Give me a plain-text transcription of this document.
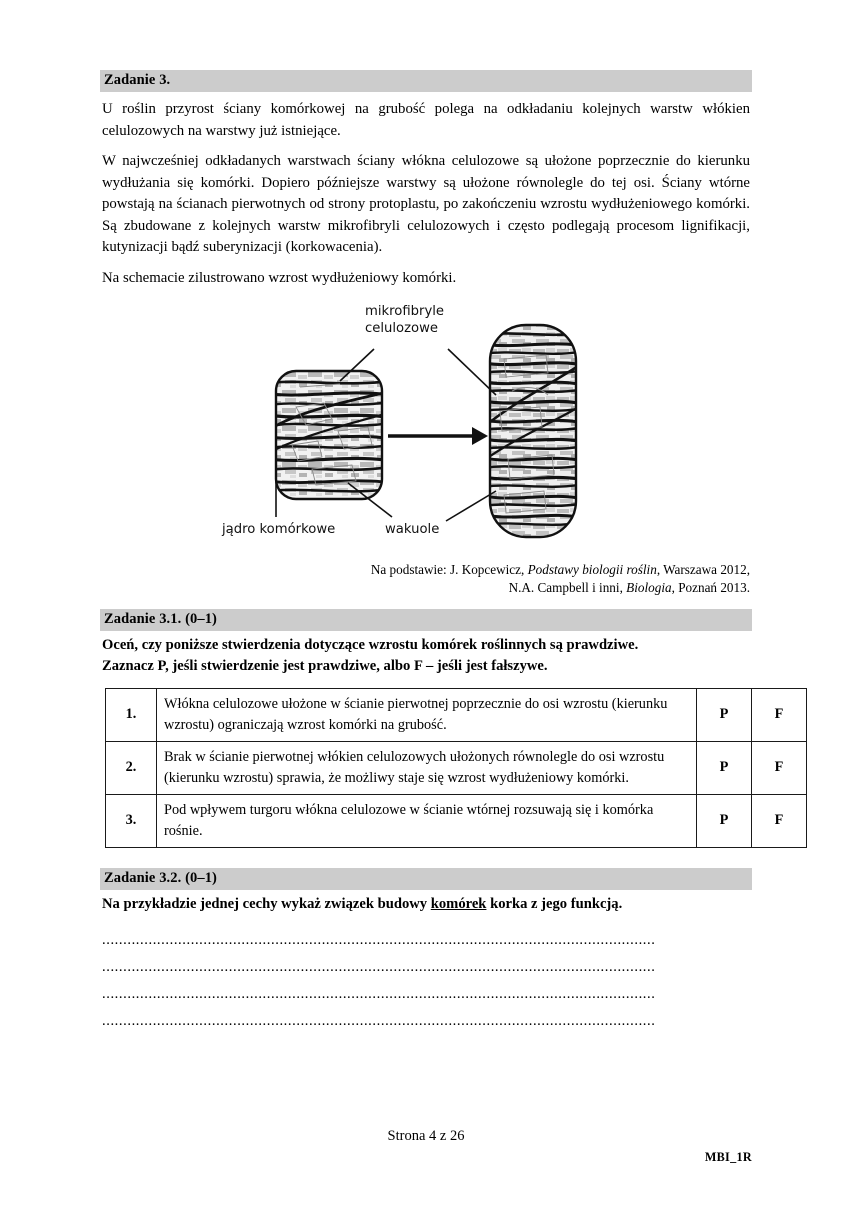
Zadanie 3.

U roślin przyrost ściany komórkowej na grubość polega na odkładaniu kolejnych warstw włókien celulozowych na warstwy już istniejące.

W najwcześniej odkładanych warstwach ściany włókna celulozowe są ułożone poprzecznie do kierunku wydłużania się komórki. Dopiero późniejsze warstwy są ułożone równolegle do tej osi. Ściany wtórne powstają na ścianach pierwotnych od strony protoplastu, po zakończeniu wzrostu wydłużeniowego komórki. Są zbudowane z kolejnych warstw mikrofibryli celulozowych i często podlegają procesom lignifikacji, kutynizacji bądź suberynizacji (korkowacenia).

Na schemacie zilustrowano wzrost wydłużeniowy komórki.

mikrofibryle
celulozowe
jądro komórkowe	wakuole
Na podstawie: J. Kopcewicz, Podstawy biologii roślin, Warszawa 2012,
N.A. Campbell i inni, Biologia, Poznań 2013.
Zadanie 3.1. (0–1)
Oceń, czy poniższe stwierdzenia dotyczące wzrostu komórek roślinnych są prawdziwe.
Zaznacz P, jeśli stwierdzenie jest prawdziwe, albo F – jeśli jest fałszywe.
1.	Włókna celulozowe ułożone w ścianie pierwotnej poprzecznie do osi wzrostu (kierunku wzrostu) ograniczają wzrost komórki na grubość.	P	F
2.	Brak w ścianie pierwotnej włókien celulozowych ułożonych równolegle do osi wzrostu (kierunku wzrostu) sprawia, że możliwy staje się wzrost wydłużeniowy komórki.	P	F
3.	Pod wpływem turgoru włókna celulozowe w ścianie wtórnej rozsuwają się i komórka rośnie.	P	F
Zadanie 3.2. (0–1)
Na przykładzie jednej cechy wykaż związek budowy komórek korka z jego funkcją.
...................................................................................................................................
...................................................................................................................................
...................................................................................................................................
...................................................................................................................................
Strona 4 z 26
MBI_1R
